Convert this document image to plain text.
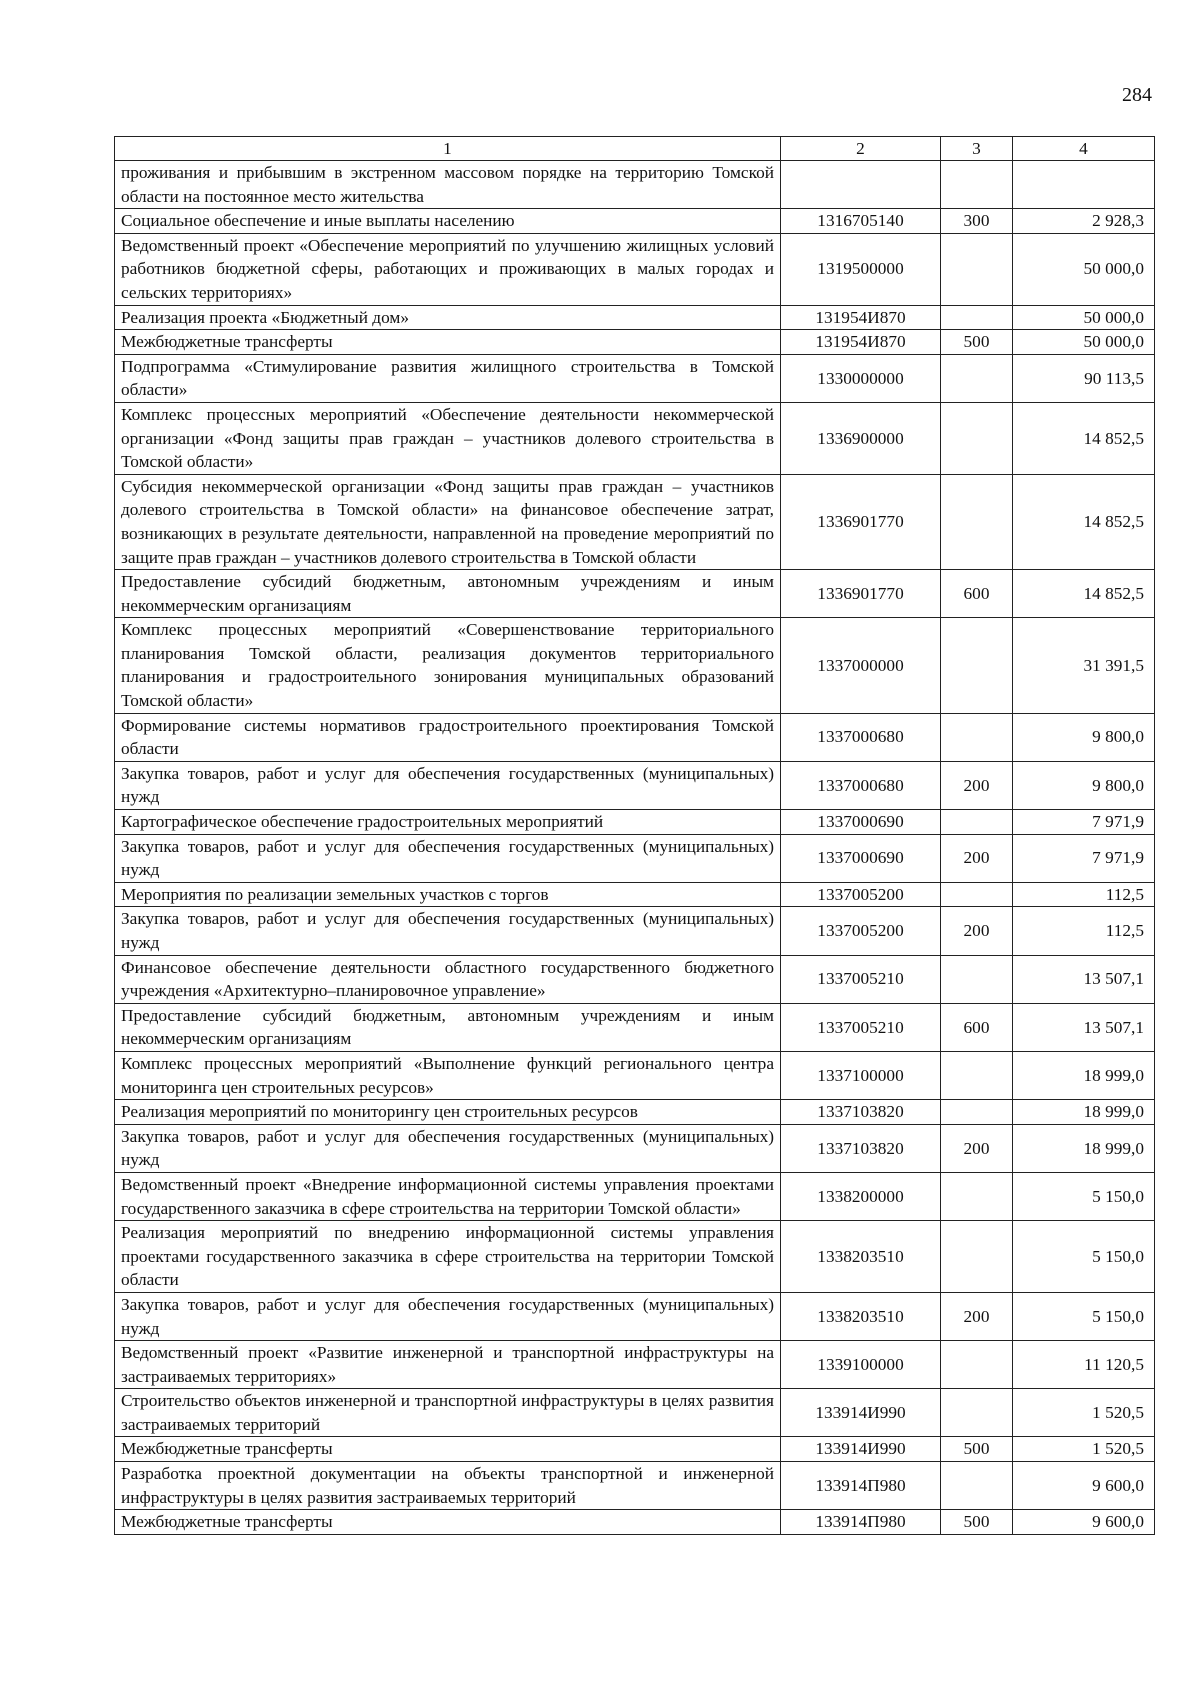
284
1	2	3	4
проживания и прибывшим в экстренном массовом порядке на территорию Томской области на постоянное место жительства			
Социальное обеспечение и иные выплаты населению	1316705140	300	2 928,3
Ведомственный проект «Обеспечение мероприятий по улучшению жилищных условий работников бюджетной сферы, работающих и проживающих в малых городах и сельских территориях»	1319500000		50 000,0
Реализация проекта «Бюджетный дом»	131954И870		50 000,0
Межбюджетные трансферты	131954И870	500	50 000,0
Подпрограмма «Стимулирование развития жилищного строительства в Томской области»	1330000000		90 113,5
Комплекс процессных мероприятий «Обеспечение деятельности некоммерческой организации «Фонд защиты прав граждан – участников долевого строительства в Томской области»	1336900000		14 852,5
Субсидия некоммерческой организации «Фонд защиты прав граждан – участников долевого строительства в Томской области» на финансовое обеспечение затрат, возникающих в результате деятельности, направленной на проведение мероприятий по защите прав граждан – участников долевого строительства в Томской области	1336901770		14 852,5
Предоставление субсидий бюджетным, автономным учреждениям и иным некоммерческим организациям	1336901770	600	14 852,5
Комплекс процессных мероприятий «Совершенствование территориального планирования Томской области, реализация документов территориального планирования и градостроительного зонирования муниципальных образований Томской области»	1337000000		31 391,5
Формирование системы нормативов градостроительного проектирования Томской области	1337000680		9 800,0
Закупка товаров, работ и услуг для обеспечения государственных (муниципальных) нужд	1337000680	200	9 800,0
Картографическое обеспечение градостроительных мероприятий	1337000690		7 971,9
Закупка товаров, работ и услуг для обеспечения государственных (муниципальных) нужд	1337000690	200	7 971,9
Мероприятия по реализации земельных участков с торгов	1337005200		112,5
Закупка товаров, работ и услуг для обеспечения государственных (муниципальных) нужд	1337005200	200	112,5
Финансовое обеспечение деятельности областного государственного бюджетного учреждения «Архитектурно–планировочное управление»	1337005210		13 507,1
Предоставление субсидий бюджетным, автономным учреждениям и иным некоммерческим организациям	1337005210	600	13 507,1
Комплекс процессных мероприятий «Выполнение функций регионального центра мониторинга цен строительных ресурсов»	1337100000		18 999,0
Реализация мероприятий по мониторингу цен строительных ресурсов	1337103820		18 999,0
Закупка товаров, работ и услуг для обеспечения государственных (муниципальных) нужд	1337103820	200	18 999,0
Ведомственный проект «Внедрение информационной системы управления проектами государственного заказчика в сфере строительства на территории Томской области»	1338200000		5 150,0
Реализация мероприятий по внедрению информационной системы управления проектами государственного заказчика в сфере строительства на территории Томской области	1338203510		5 150,0
Закупка товаров, работ и услуг для обеспечения государственных (муниципальных) нужд	1338203510	200	5 150,0
Ведомственный проект «Развитие инженерной и транспортной инфраструктуры на застраиваемых территориях»	1339100000		11 120,5
Строительство объектов инженерной и транспортной инфраструктуры в целях развития застраиваемых территорий	133914И990		1 520,5
Межбюджетные трансферты	133914И990	500	1 520,5
Разработка проектной документации на объекты транспортной и инженерной инфраструктуры в целях развития застраиваемых территорий	133914П980		9 600,0
Межбюджетные трансферты	133914П980	500	9 600,0
